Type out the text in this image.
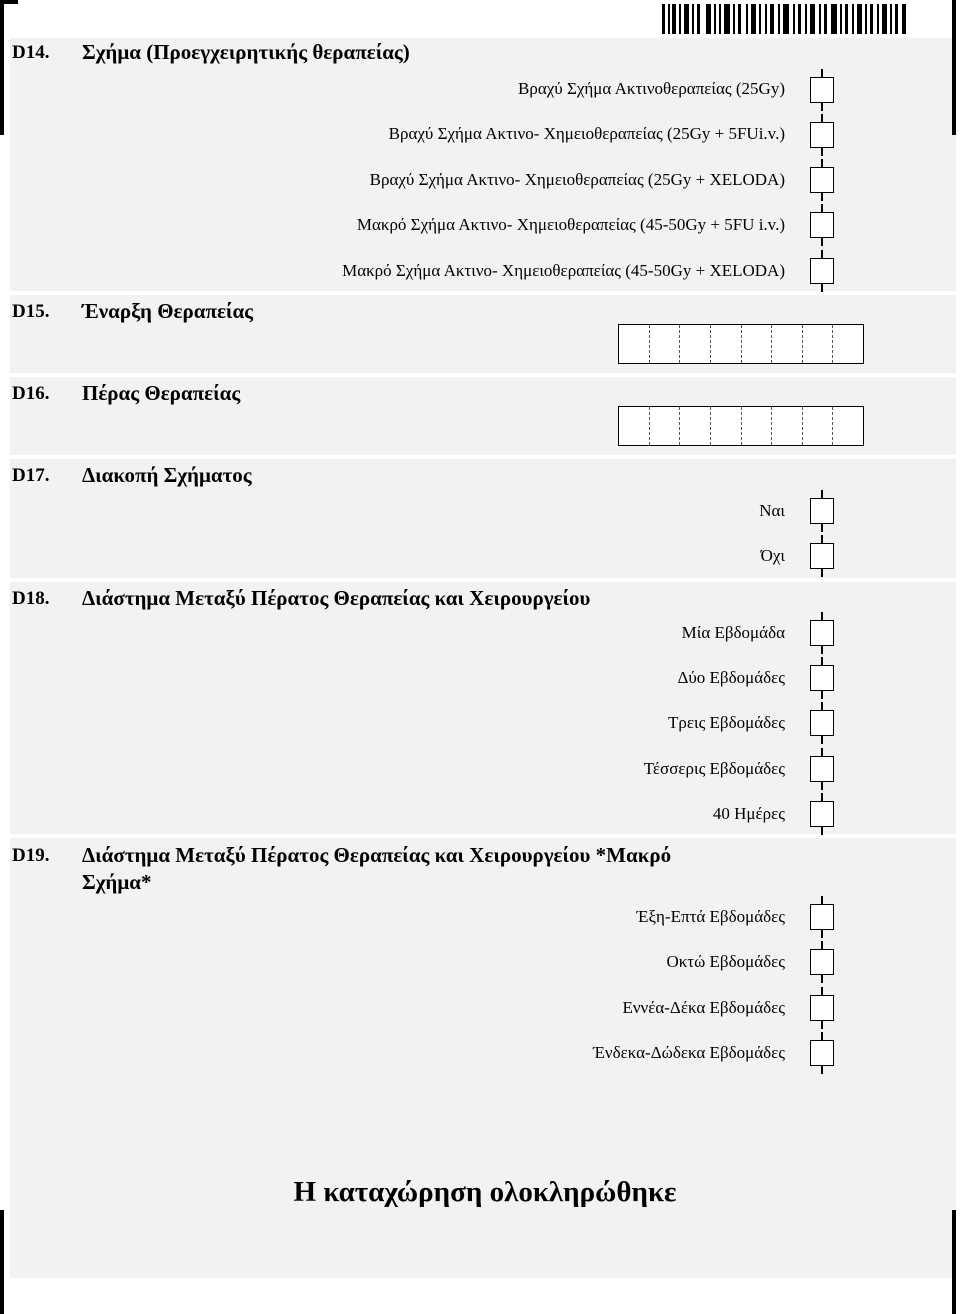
D14. Σχήμα (Προεγχειρητικής θεραπείας)
Βραχύ Σχήμα Ακτινοθεραπείας (25Gy)
Βραχύ Σχήμα Ακτινο- Χημειοθεραπείας (25Gy + 5FUi.v.)
Βραχύ Σχήμα Ακτινο- Χημειοθεραπείας (25Gy + XELODA)
Μακρό Σχήμα Ακτινο- Χημειοθεραπείας (45-50Gy + 5FU i.v.)
Μακρό Σχήμα Ακτινο- Χημειοθεραπείας (45-50Gy + XELODA)
D15. Έναρξη Θεραπείας
D16. Πέρας Θεραπείας
D17. Διακοπή Σχήματος
Ναι
Όχι
D18. Διάστημα Μεταξύ Πέρατος Θεραπείας και Χειρουργείου
Μία Εβδομάδα
Δύο Εβδομάδες
Τρεις Εβδομάδες
Τέσσερις Εβδομάδες
40 Ημέρες
D19. Διάστημα Μεταξύ Πέρατος Θεραπείας και Χειρουργείου *Μακρό
Σχήμα*
Έξη-Επτά Εβδομάδες
Οκτώ Εβδομάδες
Εννέα-Δέκα Εβδομάδες
Ένδεκα-Δώδεκα Εβδομάδες
Η καταχώρηση ολοκληρώθηκε
